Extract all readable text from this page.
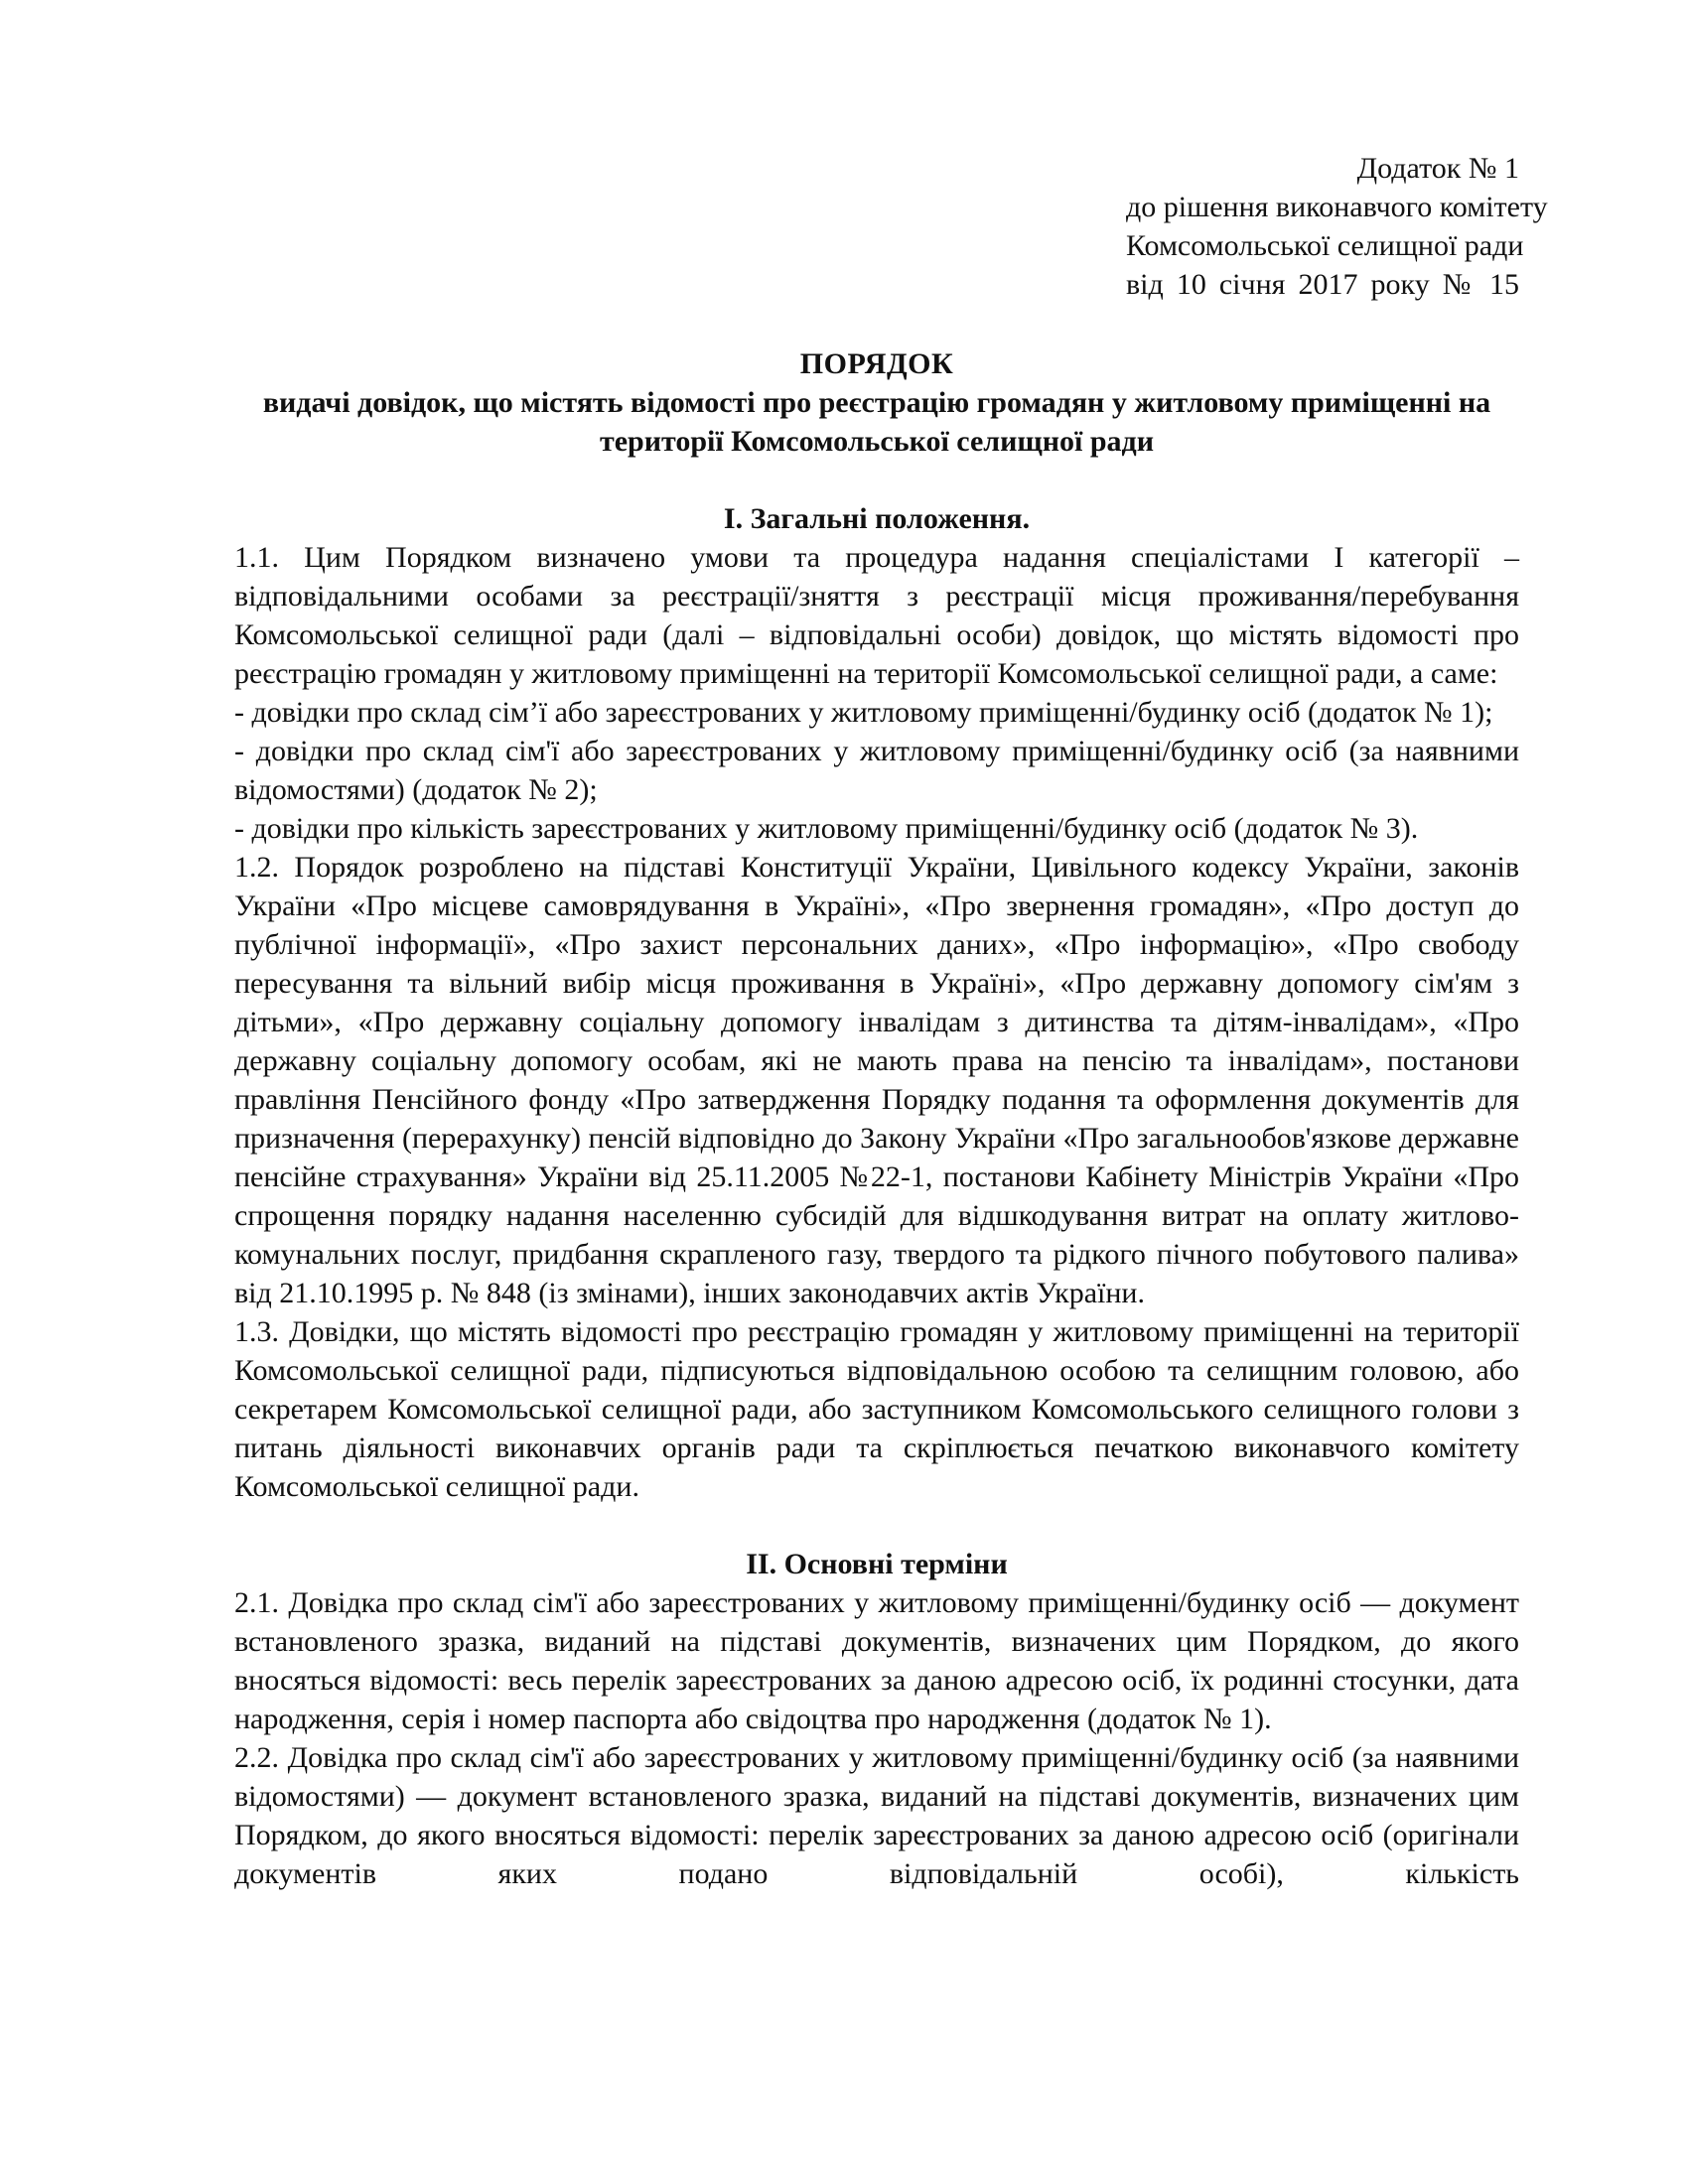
Додаток № 1
до рішення виконавчого комітету
Комсомольської селищної ради
від 10 січня 2017 року № 15
ПОРЯДОК
видачі довідок, що містять відомості про реєстрацію громадян у житловому приміщенні на території Комсомольської селищної ради
І. Загальні положення.

1.1. Цим Порядком визначено умови та процедура надання спеціалістами І категорії – відповідальними особами за реєстрації/зняття з реєстрації місця проживання/перебування Комсомольської селищної ради (далі – відповідальні особи) довідок, що містять відомості про реєстрацію громадян у житловому приміщенні на території Комсомольської селищної ради, а саме:

- довідки про склад сім’ї або зареєстрованих у житловому приміщенні/будинку осіб (додаток № 1);

- довідки про склад сім'ї або зареєстрованих у житловому приміщенні/будинку осіб (за наявними відомостями) (додаток № 2);

- довідки про кількість зареєстрованих у житловому приміщенні/будинку осіб (додаток № 3).

1.2. Порядок розроблено на підставі Конституції України, Цивільного кодексу України, законів України «Про місцеве самоврядування в Україні», «Про звернення громадян», «Про доступ до публічної інформації», «Про захист персональних даних», «Про інформацію», «Про свободу пересування та вільний вибір місця проживання в Україні», «Про державну допомогу сім'ям з дітьми», «Про державну соціальну допомогу інвалідам з дитинства та дітям-інвалідам», «Про державну соціальну допомогу особам, які не мають права на пенсію та інвалідам», постанови правління Пенсійного фонду «Про затвердження Порядку подання та оформлення документів для призначення (перерахунку) пенсій відповідно до Закону України «Про загальнообов'язкове державне пенсійне страхування» України від 25.11.2005 №22-1, постанови Кабінету Міністрів України «Про спрощення порядку надання населенню субсидій для відшкодування витрат на оплату житлово-комунальних послуг, придбання скрапленого газу, твердого та рідкого пічного побутового палива» від 21.10.1995 р. № 848 (із змінами), інших законодавчих актів України.

1.3. Довідки, що містять відомості про реєстрацію громадян у житловому приміщенні на території Комсомольської селищної ради, підписуються відповідальною особою та селищним головою, або секретарем Комсомольської селищної ради, або заступником Комсомольського селищного голови з питань діяльності виконавчих органів ради та скріплюється печаткою виконавчого комітету Комсомольської селищної ради.

ІІ. Основні терміни

2.1. Довідка про склад сім'ї або зареєстрованих у житловому приміщенні/будинку осіб — документ встановленого зразка, виданий на підставі документів, визначених цим Порядком, до якого вносяться відомості: весь перелік зареєстрованих за даною адресою осіб, їх родинні стосунки, дата народження, серія і номер паспорта або свідоцтва про народження (додаток № 1).

2.2. Довідка про склад сім'ї або зареєстрованих у житловому приміщенні/будинку осіб (за наявними відомостями) — документ встановленого зразка, виданий на підставі документів, визначених цим Порядком, до якого вносяться відомості: перелік зареєстрованих за даною адресою осіб (оригінали документів яких подано відповідальній особі), кількість
